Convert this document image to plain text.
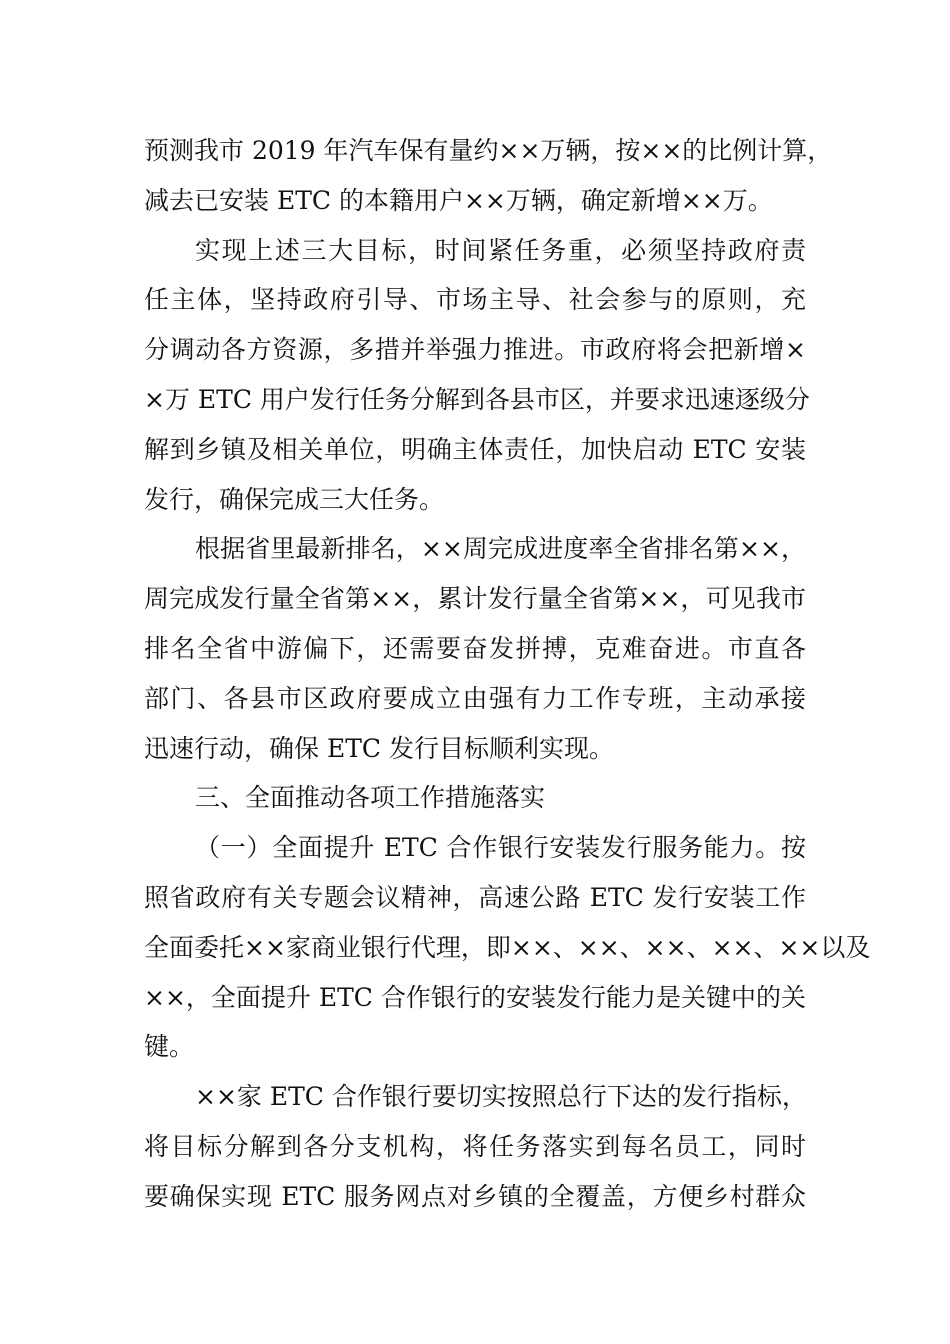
预测我市 2019 年汽车保有量约××万辆，按××的比例计算，
减去已安装 ETC 的本籍用户××万辆，确定新增××万。
实现上述三大目标，时间紧任务重，必须坚持政府责
任主体，坚持政府引导、市场主导、社会参与的原则，充
分调动各方资源，多措并举强力推进。市政府将会把新增×
×万 ETC 用户发行任务分解到各县市区，并要求迅速逐级分
解到乡镇及相关单位，明确主体责任，加快启动 ETC 安装
发行，确保完成三大任务。
根据省里最新排名，××周完成进度率全省排名第××，
周完成发行量全省第××，累计发行量全省第××，可见我市
排名全省中游偏下，还需要奋发拼搏，克难奋进。市直各
部门、各县市区政府要成立由强有力工作专班，主动承接
迅速行动，确保 ETC 发行目标顺利实现。
三、全面推动各项工作措施落实
（一）全面提升 ETC 合作银行安装发行服务能力。按
照省政府有关专题会议精神，高速公路 ETC 发行安装工作
全面委托××家商业银行代理，即××、××、××、××、××以及
××，全面提升 ETC 合作银行的安装发行能力是关键中的关
键。
××家 ETC 合作银行要切实按照总行下达的发行指标，
将目标分解到各分支机构，将任务落实到每名员工，同时
要确保实现 ETC 服务网点对乡镇的全覆盖，方便乡村群众
